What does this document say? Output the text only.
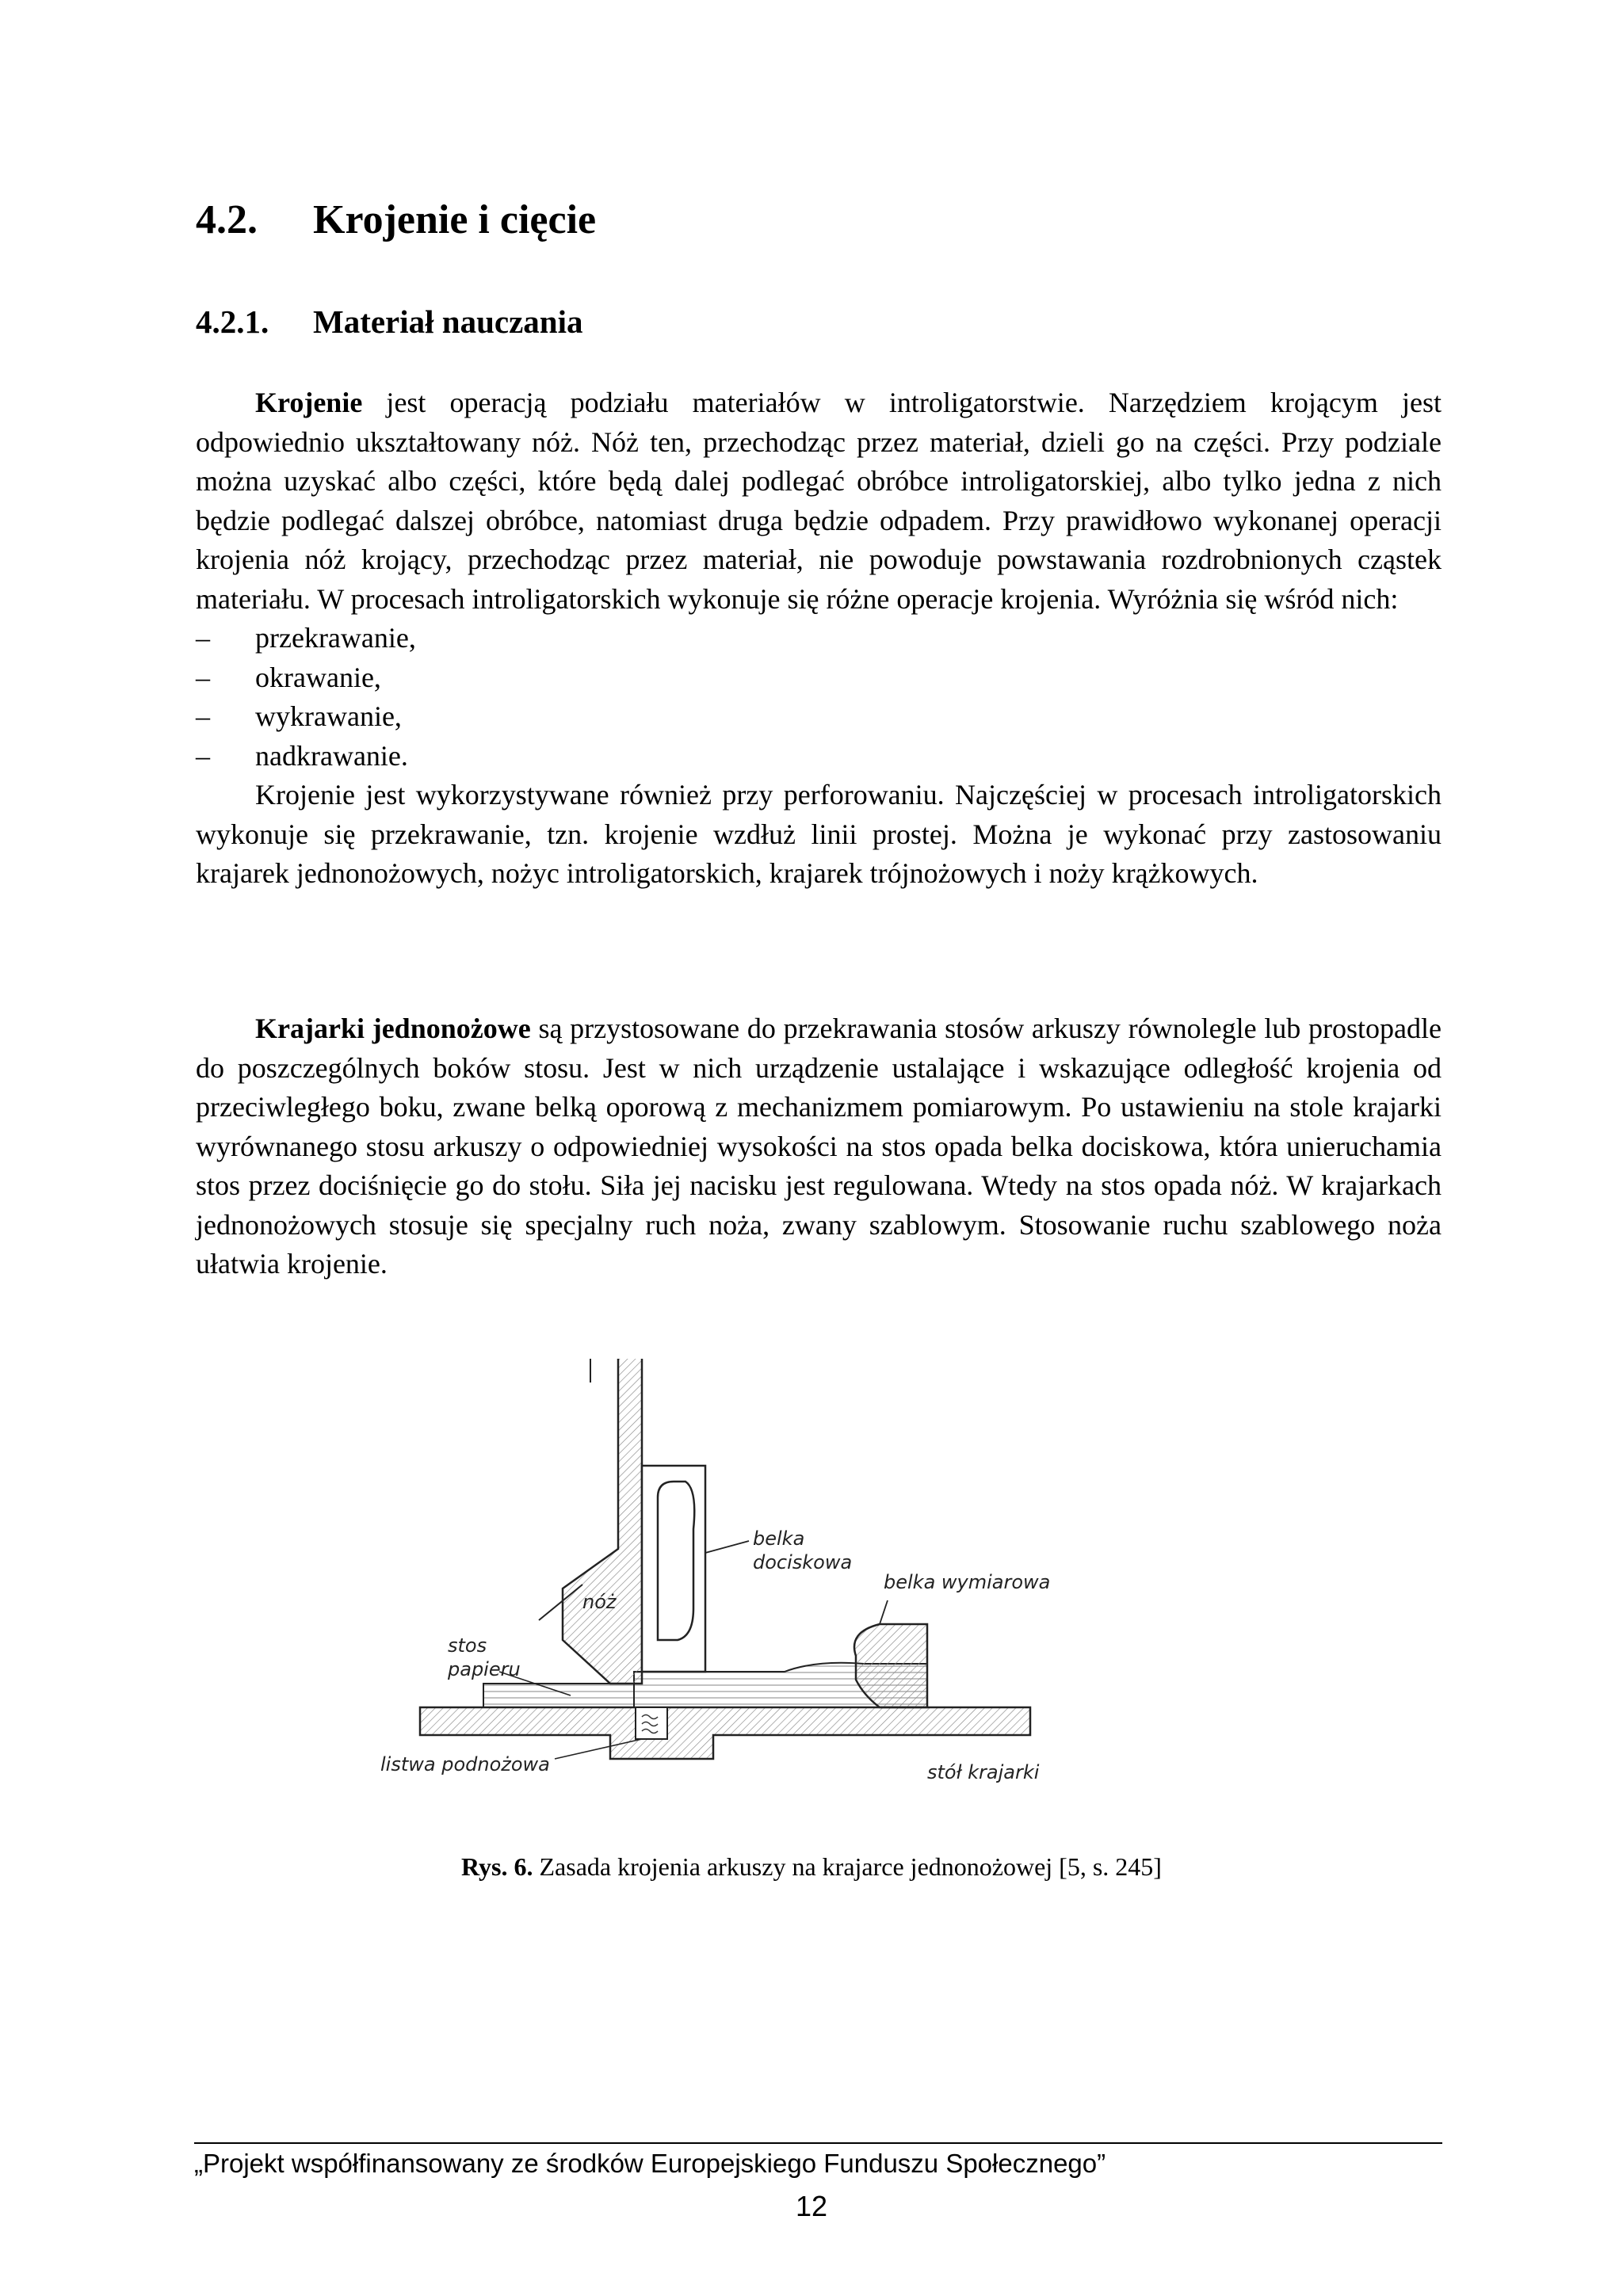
4.2. Krojenie i cięcie
4.2.1. Materiał nauczania

Krojenie jest operacją podziału materiałów w introligatorstwie. Narzędziem krojącym jest odpowiednio ukształtowany nóż. Nóż ten, przechodząc przez materiał, dzieli go na części. Przy podziale można uzyskać albo części, które będą dalej podlegać obróbce introligatorskiej, albo tylko jedna z nich będzie podlegać dalszej obróbce, natomiast druga będzie odpadem. Przy prawidłowo wykonanej operacji krojenia nóż krojący, przechodząc przez materiał, nie powoduje powstawania rozdrobnionych cząstek materiału. W procesach introligatorskich wykonuje się różne operacje krojenia. Wyróżnia się wśród nich:

– przekrawanie,
– okrawanie,
– wykrawanie,
– nadkrawanie.

Krojenie jest wykorzystywane również przy perforowaniu. Najczęściej w procesach introligatorskich wykonuje się przekrawanie, tzn. krojenie wzdłuż linii prostej. Można je wykonać przy zastosowaniu krajarek jednonożowych, nożyc introligatorskich, krajarek trójnożowych i noży krążkowych.

Krajarki jednonożowe są przystosowane do przekrawania stosów arkuszy równolegle lub prostopadle do poszczególnych boków stosu. Jest w nich urządzenie ustalające i wskazujące odległość krojenia od przeciwległego boku, zwane belką oporową z mechanizmem pomiarowym. Po ustawieniu na stole krajarki wyrównanego stosu arkuszy o odpowiedniej wysokości na stos opada belka dociskowa, która unieruchamia stos przez dociśnięcie go do stołu. Siła jej nacisku jest regulowana. Wtedy na stos opada nóż. W krajarkach jednonożowych stosuje się specjalny ruch noża, zwany szablowym. Stosowanie ruchu szablowego noża ułatwia krojenie.

belka
dociskowa
belka wymiarowa
nóż
stos
papieru
listwa podnożowa	stół krajarki
Rys. 6. Zasada krojenia arkuszy na krajarce jednonożowej [5, s. 245]
„Projekt współfinansowany ze środków Europejskiego Funduszu Społecznego”
12
